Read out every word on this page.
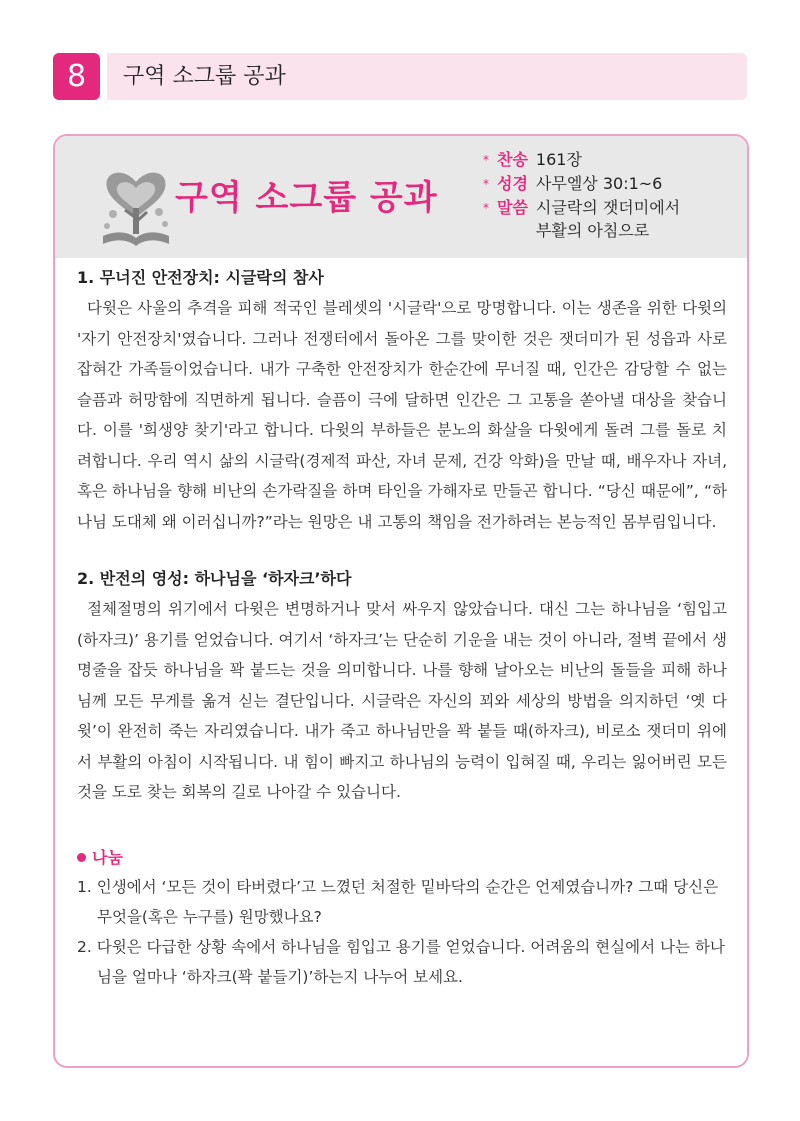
8	구역 소그룹 공과
구역 소그룹 공과
* 찬송 161장
* 성경 사무엘상 30:1~6
* 말씀 시글락의 잿더미에서 부활의 아침으로
1. 무너진 안전장치: 시글락의 참사

다윗은 사울의 추격을 피해 적국인 블레셋의 '시글락'으로 망명합니다. 이는 생존을 위한 다윗의 '자기 안전장치'였습니다. 그러나 전쟁터에서 돌아온 그를 맞이한 것은 잿더미가 된 성읍과 사로잡혀간 가족들이었습니다. 내가 구축한 안전장치가 한순간에 무너질 때, 인간은 감당할 수 없는 슬픔과 허망함에 직면하게 됩니다. 슬픔이 극에 달하면 인간은 그 고통을 쏟아낼 대상을 찾습니다. 이를 '희생양 찾기'라고 합니다. 다윗의 부하들은 분노의 화살을 다윗에게 돌려 그를 돌로 치려합니다. 우리 역시 삶의 시글락(경제적 파산, 자녀 문제, 건강 악화)을 만날 때, 배우자나 자녀, 혹은 하나님을 향해 비난의 손가락질을 하며 타인을 가해자로 만들곤 합니다. “당신 때문에”, “하나님 도대체 왜 이러십니까?”라는 원망은 내 고통의 책임을 전가하려는 본능적인 몸부림입니다.

2. 반전의 영성: 하나님을 ‘하자크’하다

절체절명의 위기에서 다윗은 변명하거나 맞서 싸우지 않았습니다. 대신 그는 하나님을 ‘힘입고(하자크)’ 용기를 얻었습니다. 여기서 ‘하자크’는 단순히 기운을 내는 것이 아니라, 절벽 끝에서 생명줄을 잡듯 하나님을 꽉 붙드는 것을 의미합니다. 나를 향해 날아오는 비난의 돌들을 피해 하나님께 모든 무게를 옮겨 싣는 결단입니다. 시글락은 자신의 꾀와 세상의 방법을 의지하던 ‘옛 다윗’이 완전히 죽는 자리였습니다. 내가 죽고 하나님만을 꽉 붙들 때(하자크), 비로소 잿더미 위에서 부활의 아침이 시작됩니다. 내 힘이 빠지고 하나님의 능력이 입혀질 때, 우리는 잃어버린 모든 것을 도로 찾는 회복의 길로 나아갈 수 있습니다.

나눔

1. 인생에서 ‘모든 것이 타버렸다’고 느꼈던 처절한 밑바닥의 순간은 언제였습니까? 그때 당신은 무엇을(혹은 누구를) 원망했나요?

2. 다윗은 다급한 상황 속에서 하나님을 힘입고 용기를 얻었습니다. 어려움의 현실에서 나는 하나님을 얼마나 ‘하자크(꽉 붙들기)’하는지 나누어 보세요.
